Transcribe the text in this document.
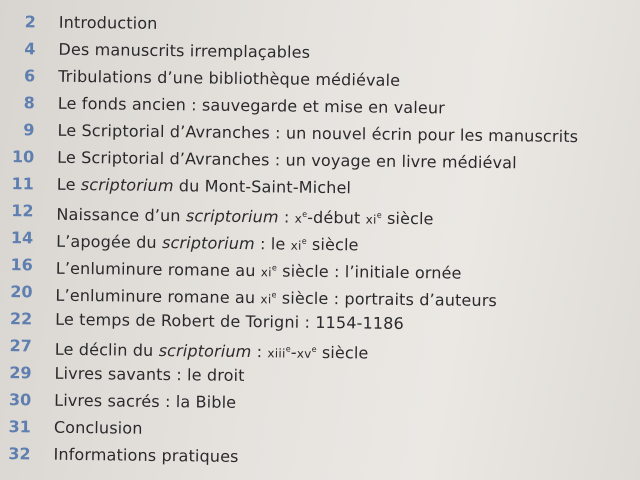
2 Introduction
4 Des manuscrits irremplaçables
6 Tribulations d’une bibliothèque médiévale
8 Le fonds ancien : sauvegarde et mise en valeur
9 Le Scriptorial d’Avranches : un nouvel écrin pour les manuscrits
10 Le Scriptorial d’Avranches : un voyage en livre médiéval
11 Le scriptorium du Mont-Saint-Michel
12 Naissance d’un scriptorium : $x^e$-début $xi^e$ siècle
14 L’apogée du scriptorium : le $xi^e$ siècle
16 L’enluminure romane au $xi^e$ siècle : l’initiale ornée
20 L’enluminure romane au $xi^e$ siècle : portraits d’auteurs
22 Le temps de Robert de Torigni : 1154-1186
27 Le déclin du scriptorium : $xiii^e-xv^e$ siècle
29 Livres savants : le droit
30 Livres sacrés : la Bible
31 Conclusion
32 Informations pratiques
